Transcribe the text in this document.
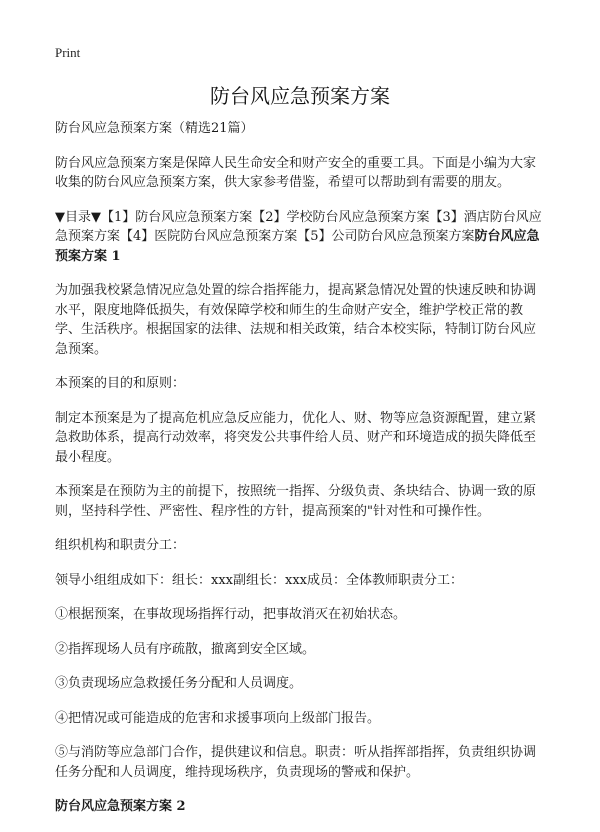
Print
防台风应急预案方案

防台风应急预案方案（精选21篇）

防台风应急预案方案是保障人民生命安全和财产安全的重要工具。下面是小编为大家收集的防台风应急预案方案，供大家参考借鉴，希望可以帮助到有需要的朋友。

▼目录▼【1】防台风应急预案方案【2】学校防台风应急预案方案【3】酒店防台风应急预案方案【4】医院防台风应急预案方案【5】公司防台风应急预案方案防台风应急预案方案 1

为加强我校紧急情况应急处置的综合指挥能力，提高紧急情况处置的快速反映和协调水平，限度地降低损失，有效保障学校和师生的生命财产安全，维护学校正常的教学、生活秩序。根据国家的法律、法规和相关政策，结合本校实际，特制订防台风应急预案。

本预案的目的和原则：

制定本预案是为了提高危机应急反应能力，优化人、财、物等应急资源配置，建立紧急救助体系，提高行动效率，将突发公共事件给人员、财产和环境造成的损失降低至最小程度。

本预案是在预防为主的前提下，按照统一指挥、分级负责、条块结合、协调一致的原则，坚持科学性、严密性、程序性的方针，提高预案的"针对性和可操作性。

组织机构和职责分工：

领导小组组成如下：组长：xxx副组长：xxx成员：全体教师职责分工：

①根据预案，在事故现场指挥行动，把事故消灭在初始状态。

②指挥现场人员有序疏散，撤离到安全区域。

③负责现场应急救援任务分配和人员调度。

④把情况或可能造成的危害和求援事项向上级部门报告。

⑤与消防等应急部门合作，提供建议和信息。职责：听从指挥部指挥，负责组织协调任务分配和人员调度，维持现场秩序，负责现场的警戒和保护。

防台风应急预案方案 2
